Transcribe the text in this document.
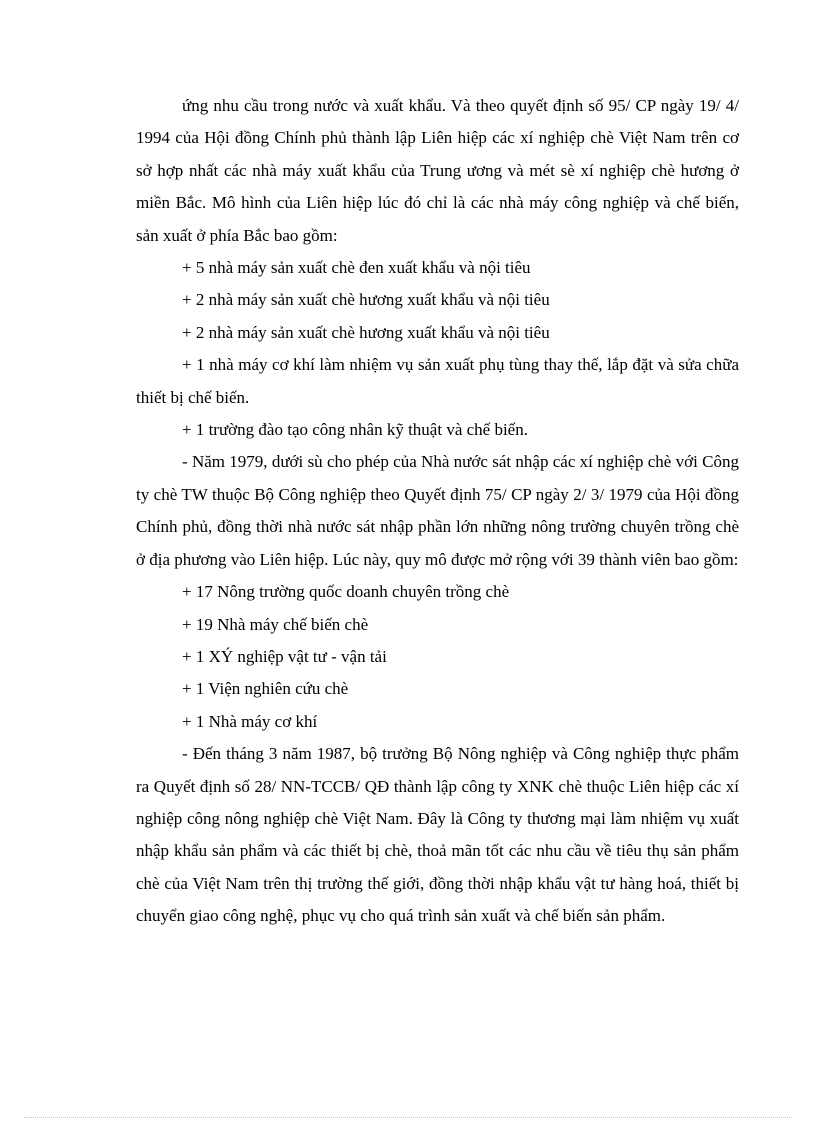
ứng nhu cầu trong nước và xuất khẩu. Và theo quyết định số 95/ CP ngày 19/ 4/ 1994 của Hội đồng Chính phủ thành lập Liên hiệp các xí nghiệp chè Việt Nam trên cơ sở hợp nhất các nhà máy xuất khẩu của Trung ương và mét sè xí nghiệp chè hương ở miền Bắc. Mô hình của Liên hiệp lúc đó chỉ là các nhà máy công nghiệp và chế biến, sản xuất ở phía Bắc bao gồm:

+ 5 nhà máy sản xuất chè đen xuất khẩu và nội tiêu

+ 2 nhà máy sản xuất chè hương xuất khẩu và nội tiêu

+ 2 nhà máy sản xuất chè hương xuất khẩu và nội tiêu

+ 1 nhà máy cơ khí làm nhiệm vụ sản xuất phụ tùng thay thế, lắp đặt và sửa chữa thiết bị chế biến.

+ 1 trường đào tạo công nhân kỹ thuật và chế biến.

- Năm 1979, dưới sù cho phép của Nhà nước sát nhập các xí nghiệp chè với Công ty chè TW thuộc Bộ Công nghiệp theo Quyết định 75/ CP ngày 2/ 3/ 1979 của Hội đồng Chính phủ, đồng thời nhà nước sát nhập phần lớn những nông trường chuyên trồng chè ở địa phương vào Liên hiệp. Lúc này, quy mô được mở rộng với 39 thành viên bao gồm:

+ 17 Nông trường quốc doanh chuyên trồng chè

+ 19 Nhà máy chế biến chè

+ 1 XÝ nghiệp vật tư - vận tải

+ 1 Viện nghiên cứu chè

+ 1 Nhà máy cơ khí

- Đến tháng 3 năm 1987, bộ trưởng Bộ Nông nghiệp và Công nghiệp thực phẩm ra Quyết định số 28/ NN-TCCB/ QĐ thành lập công ty XNK chè thuộc Liên hiệp các xí nghiệp công nông nghiệp chè Việt Nam. Đây là Công ty thương mại làm nhiệm vụ xuất nhập khẩu sản phẩm và các thiết bị chè, thoả mãn tốt các nhu cầu về tiêu thụ sản phẩm chè của Việt Nam trên thị trường thế giới, đồng thời nhập khẩu vật tư hàng hoá, thiết bị chuyển giao công nghệ, phục vụ cho quá trình sản xuất và chế biến sản phẩm.
